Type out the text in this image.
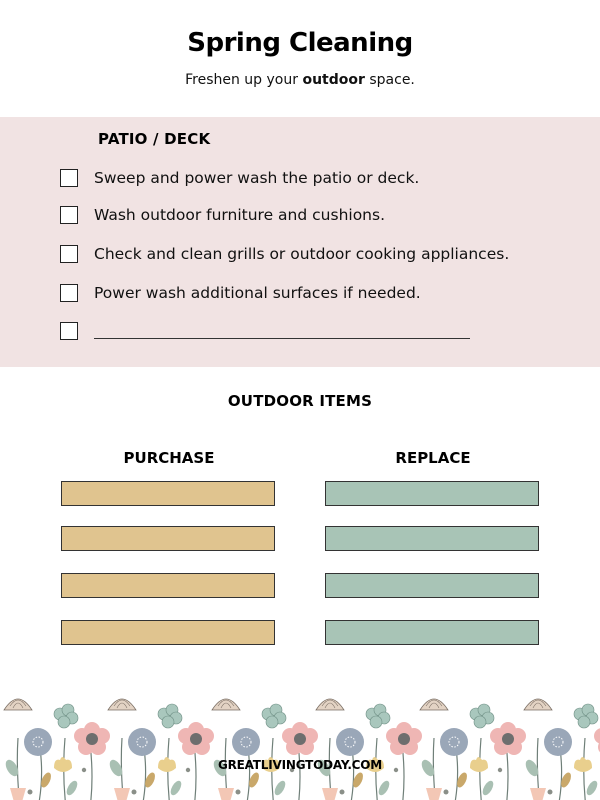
Spring Cleaning
Freshen up your outdoor space.
PATIO / DECK
Sweep and power wash the patio or deck.
Wash outdoor furniture and cushions.
Check and clean grills or outdoor cooking appliances.
Power wash additional surfaces if needed.
OUTDOOR ITEMS
PURCHASE	REPLACE
GREATLIVINGTODAY.COM
